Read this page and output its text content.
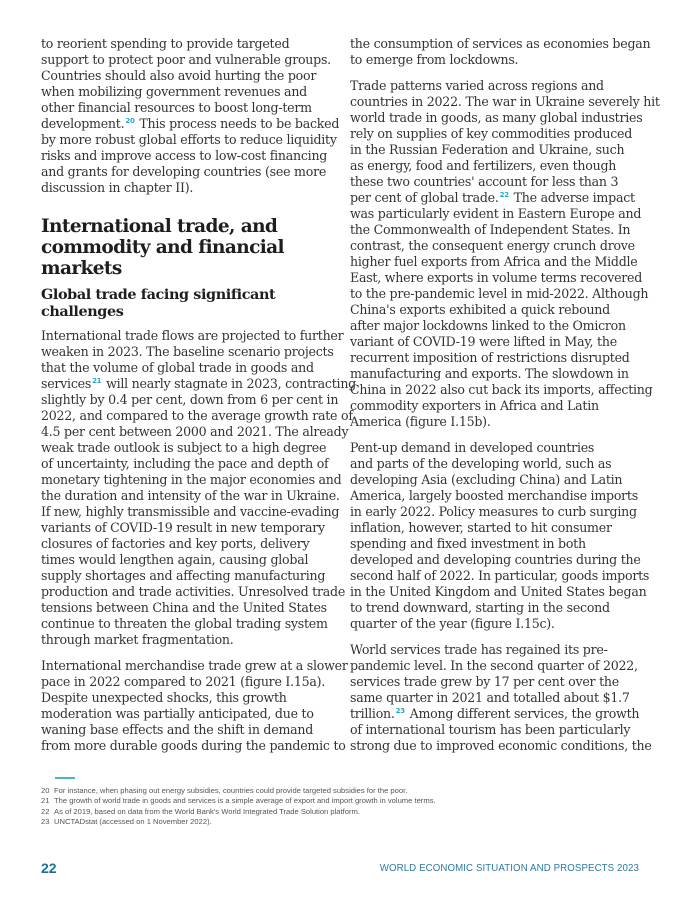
to reorient spending to provide targeted
support to protect poor and vulnerable groups.
Countries should also avoid hurting the poor
when mobilizing government revenues and
other financial resources to boost long-term
development.$^{20}$ This process needs to be backed
by more robust global efforts to reduce liquidity
risks and improve access to low-cost financing
and grants for developing countries (see more
discussion in chapter II).

International trade, and
commodity and financial
markets
Global trade facing significant
challenges

International trade flows are projected to further
weaken in 2023. The baseline scenario projects
that the volume of global trade in goods and
services$^{21}$ will nearly stagnate in 2023, contracting
slightly by 0.4 per cent, down from 6 per cent in
2022, and compared to the average growth rate of
4.5 per cent between 2000 and 2021. The already
weak trade outlook is subject to a high degree
of uncertainty, including the pace and depth of
monetary tightening in the major economies and
the duration and intensity of the war in Ukraine.
If new, highly transmissible and vaccine-evading
variants of COVID-19 result in new temporary
closures of factories and key ports, delivery
times would lengthen again, causing global
supply shortages and affecting manufacturing
production and trade activities. Unresolved trade
tensions between China and the United States
continue to threaten the global trading system
through market fragmentation.

International merchandise trade grew at a slower
pace in 2022 compared to 2021 (figure I.15a).
Despite unexpected shocks, this growth
moderation was partially anticipated, due to
waning base effects and the shift in demand
from more durable goods during the pandemic to

the consumption of services as economies began
to emerge from lockdowns.

Trade patterns varied across regions and
countries in 2022. The war in Ukraine severely hit
world trade in goods, as many global industries
rely on supplies of key commodities produced
in the Russian Federation and Ukraine, such
as energy, food and fertilizers, even though
these two countries' account for less than 3
per cent of global trade.$^{22}$ The adverse impact
was particularly evident in Eastern Europe and
the Commonwealth of Independent States. In
contrast, the consequent energy crunch drove
higher fuel exports from Africa and the Middle
East, where exports in volume terms recovered
to the pre-pandemic level in mid-2022. Although
China's exports exhibited a quick rebound
after major lockdowns linked to the Omicron
variant of COVID-19 were lifted in May, the
recurrent imposition of restrictions disrupted
manufacturing and exports. The slowdown in
China in 2022 also cut back its imports, affecting
commodity exporters in Africa and Latin
America (figure I.15b).

Pent-up demand in developed countries
and parts of the developing world, such as
developing Asia (excluding China) and Latin
America, largely boosted merchandise imports
in early 2022. Policy measures to curb surging
inflation, however, started to hit consumer
spending and fixed investment in both
developed and developing countries during the
second half of 2022. In particular, goods imports
in the United Kingdom and United States began
to trend downward, starting in the second
quarter of the year (figure I.15c).

World services trade has regained its pre-
pandemic level. In the second quarter of 2022,
services trade grew by 17 per cent over the
same quarter in 2021 and totalled about $1.7
trillion.$^{23}$ Among different services, the growth
of international tourism has been particularly
strong due to improved economic conditions, the

20 For instance, when phasing out energy subsidies, countries could provide targeted subsidies for the poor.
21 The growth of world trade in goods and services is a simple average of export and import growth in volume terms.
22 As of 2019, based on data from the World Bank's World Integrated Trade Solution platform.
23 UNCTADstat (accessed on 1 November 2022).
22	WORLD ECONOMIC SITUATION AND PROSPECTS 2023
